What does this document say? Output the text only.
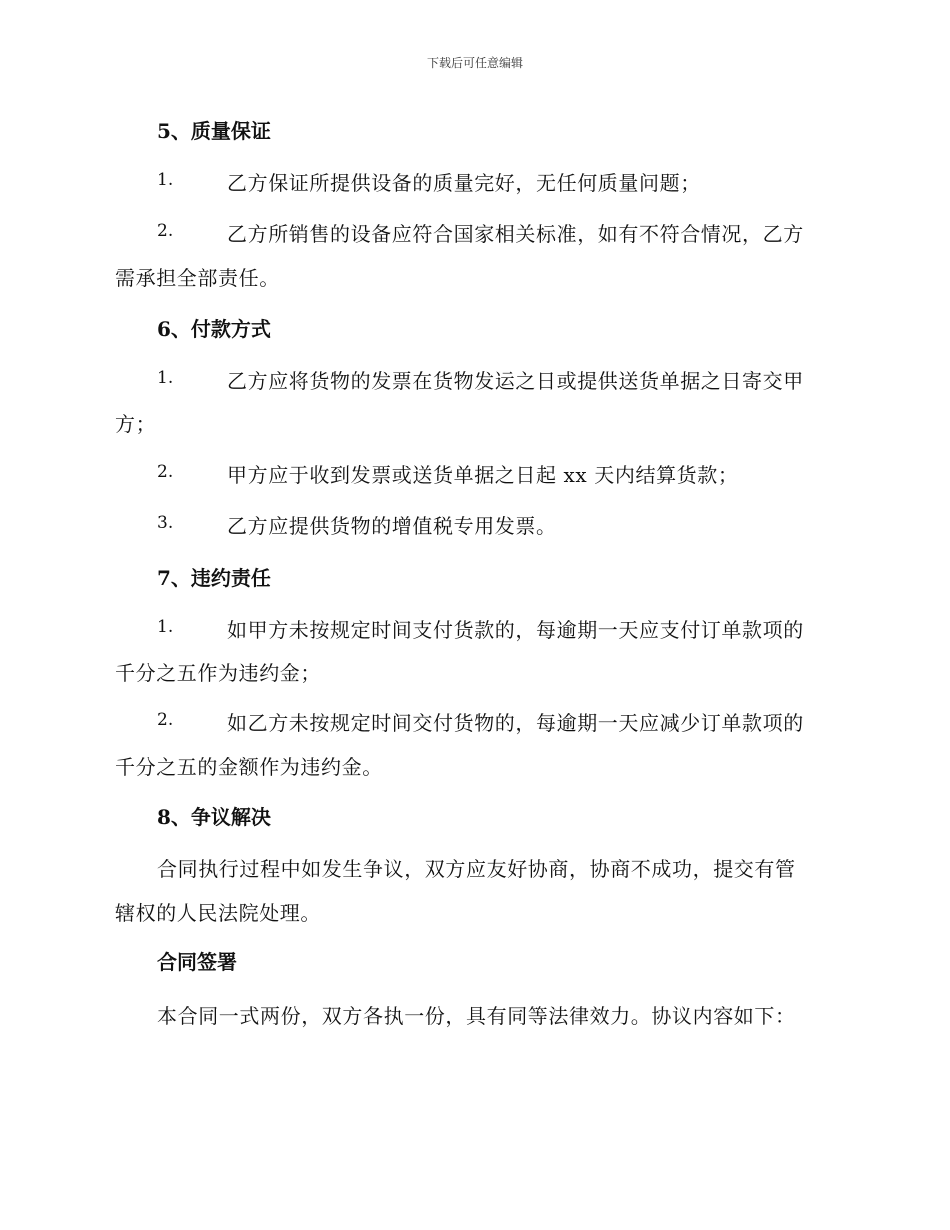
下载后可任意编辑
5、质量保证
1.	乙方保证所提供设备的质量完好，无任何质量问题；
2.	乙方所销售的设备应符合国家相关标准，如有不符合情况，乙方
需承担全部责任。
6、付款方式
1.	乙方应将货物的发票在货物发运之日或提供送货单据之日寄交甲
方；
2.	甲方应于收到发票或送货单据之日起 xx 天内结算货款；
3.	乙方应提供货物的增值税专用发票。
7、违约责任
1.	如甲方未按规定时间支付货款的，每逾期一天应支付订单款项的
千分之五作为违约金；
2.	如乙方未按规定时间交付货物的，每逾期一天应减少订单款项的
千分之五的金额作为违约金。
8、争议解决
合同执行过程中如发生争议，双方应友好协商，协商不成功，提交有管
辖权的人民法院处理。
合同签署
本合同一式两份，双方各执一份，具有同等法律效力。协议内容如下：
